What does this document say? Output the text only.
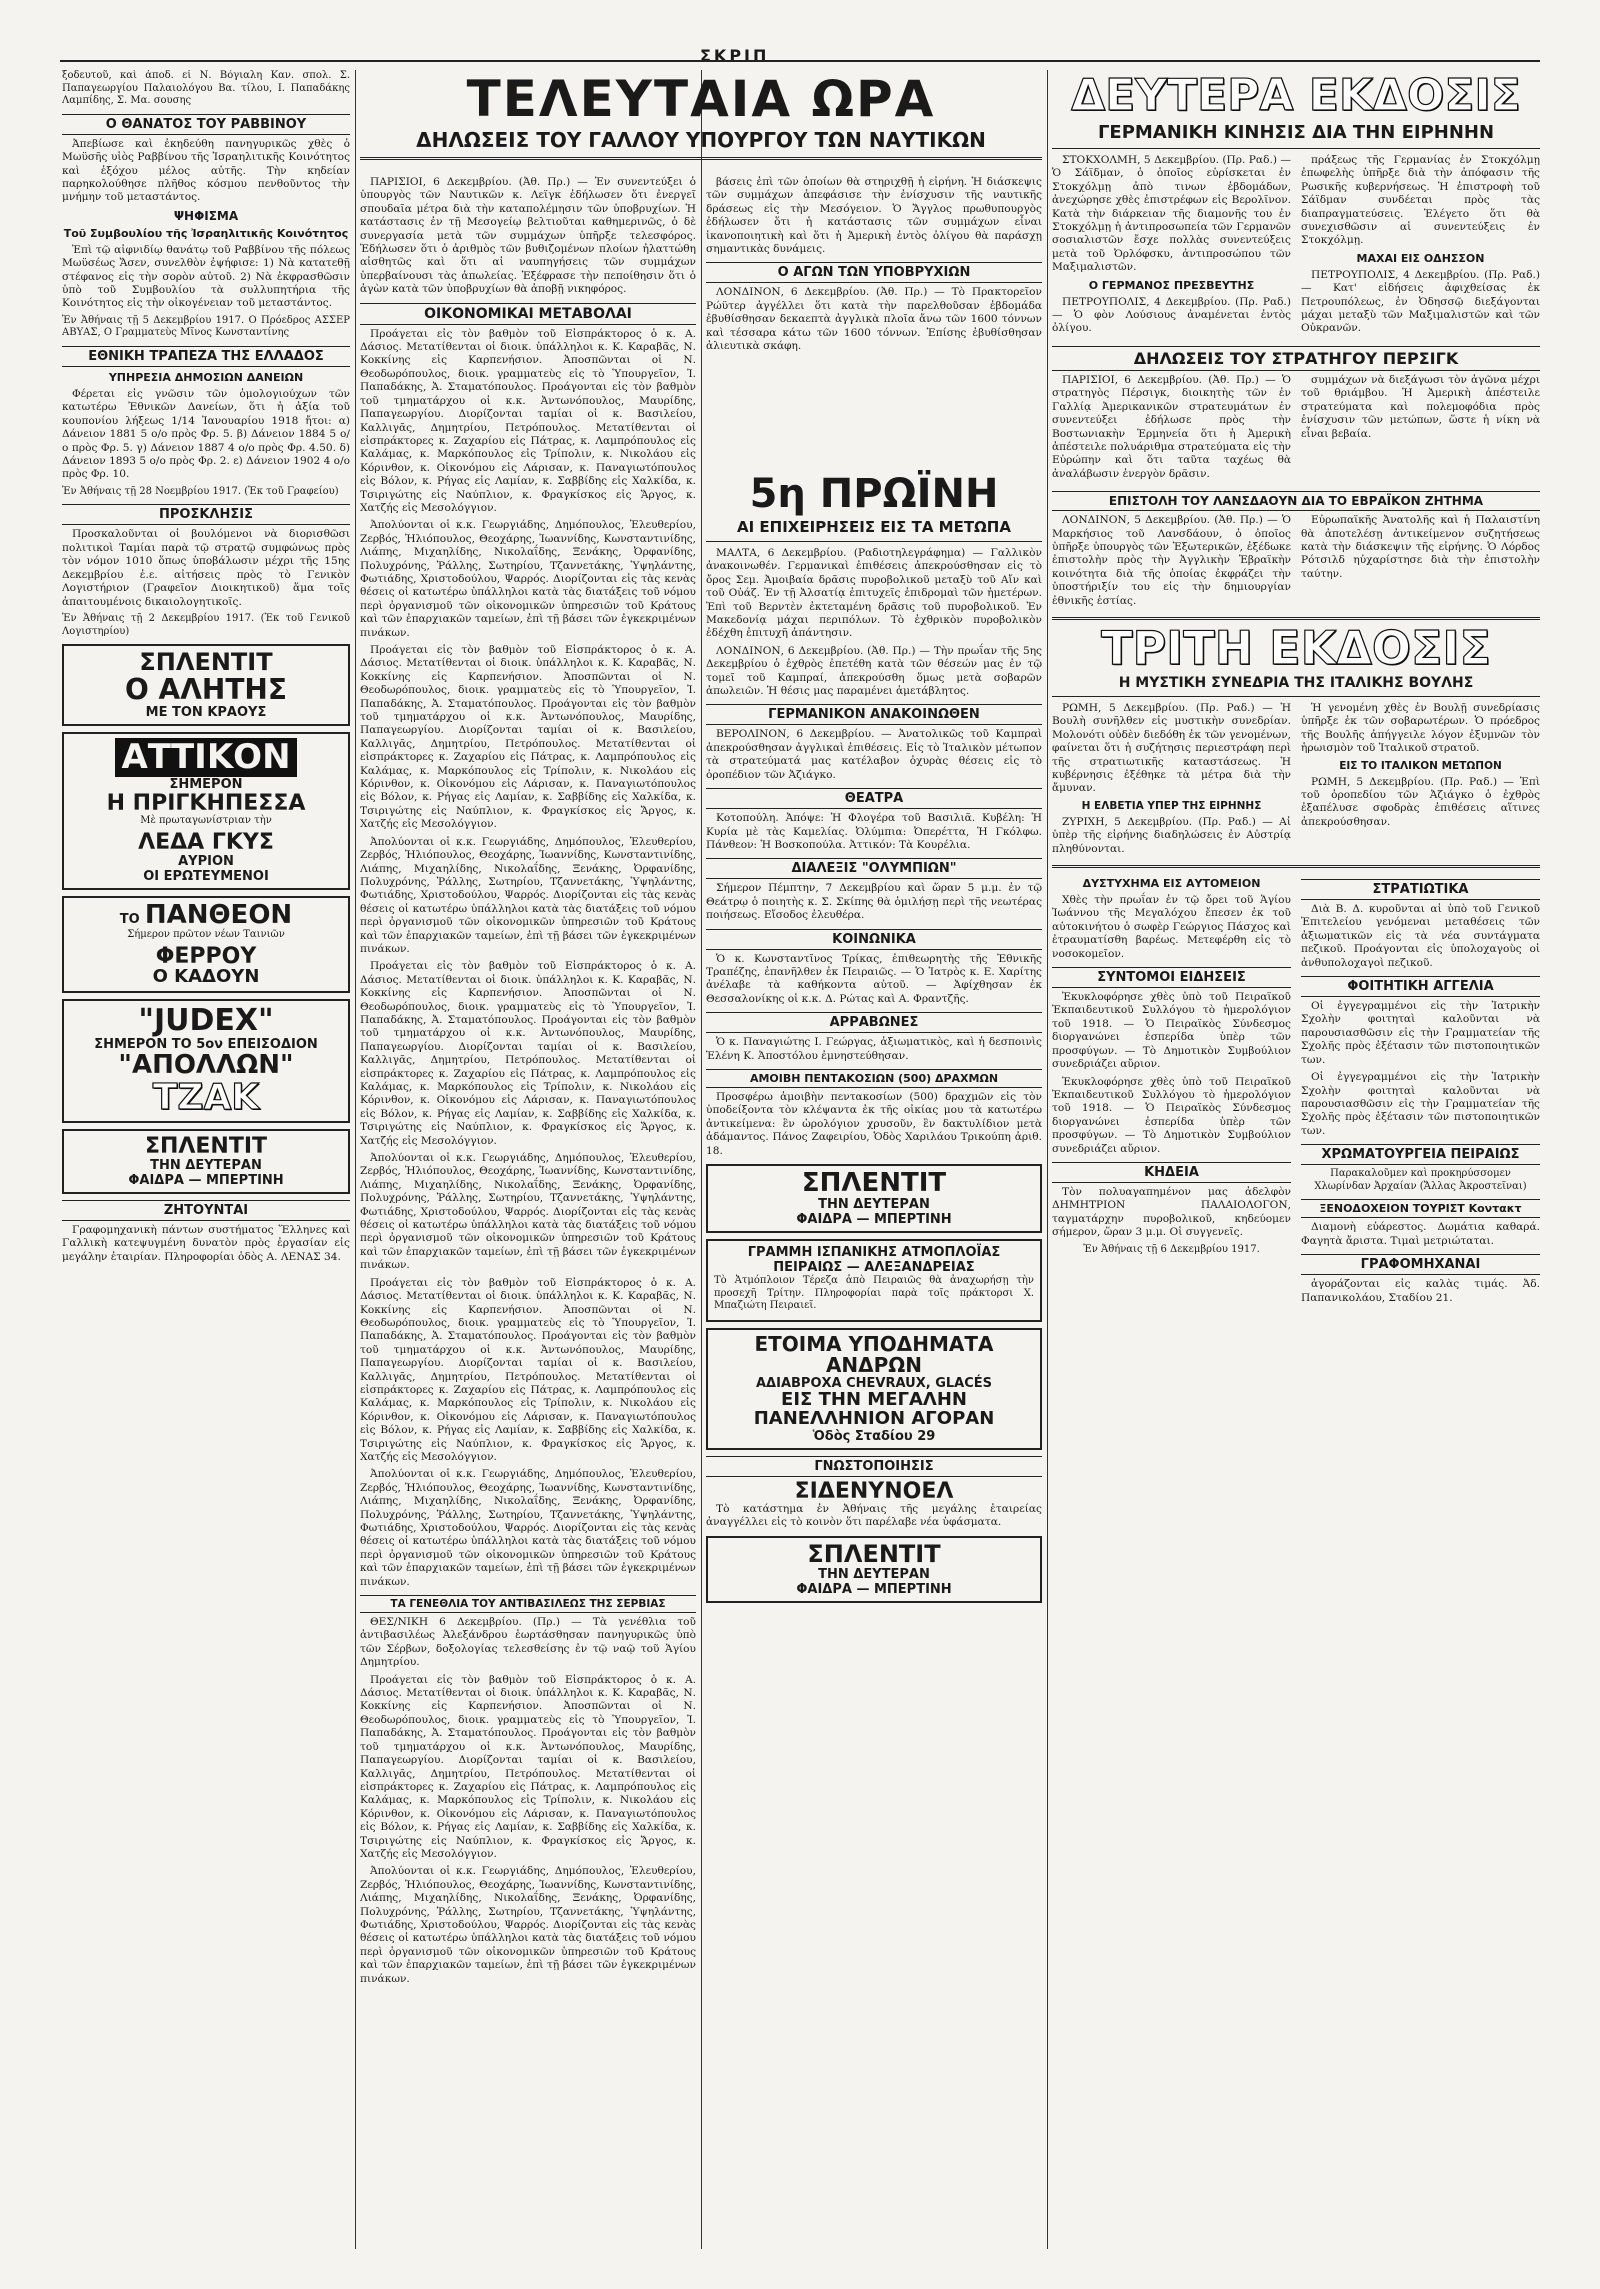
ΣΚΡΙΠ

ξοδευτοῦ, καὶ ἀποδ. εἰ Ν. Βόγιαλη Καν. σπολ. Σ. Παπαγεωργίου Παλαιολόγου Βα. τίλου, Ι. Παπαδάκης Λαμπίδης, Σ. Μα. σουσης

Ο ΘΑΝΑΤΟΣ ΤΟΥ ΡΑΒΒΙΝΟΥ

Ἀπεβίωσε καὶ ἐκηδεύθη πανηγυρικῶς χθὲς ὁ Μωϋσῆς υἱὸς Ραββίνου τῆς Ἰσραηλιτικῆς Κοινότητος καὶ ἐξόχου μέλος αὐτῆς. Τὴν κηδείαν παρηκολούθησε πλῆθος κόσμου πενθοῦντος τὴν μνήμην τοῦ μεταστάντος.

ΨΗΦΙΣΜΑ
Τοῦ Συμβουλίου τῆς Ἰσραηλιτικῆς Κοινότητος

Ἐπὶ τῷ αἰφνιδίῳ θανάτῳ τοῦ Ραββίνου τῆς πόλεως Μωϋσέως Ἄσεν, συνελθὸν ἐψήφισε: 1) Νὰ κατατεθῇ στέφανος εἰς τὴν σορὸν αὐτοῦ. 2) Νὰ ἐκφρασθῶσιν ὑπὸ τοῦ Συμβουλίου τὰ συλλυπητήρια τῆς Κοινότητος εἰς τὴν οἰκογένειαν τοῦ μεταστάντος.

Ἐν Ἀθήναις τῇ 5 Δεκεμβρίου 1917. Ο Πρόεδρος ΑΣΣΕΡ ΑΒΥΑΣ, Ο Γραμματεὺς Μῖνος Κωνσταντίνης

ΕΘΝΙΚΗ ΤΡΑΠΕΖΑ ΤΗΣ ΕΛΛΑΔΟΣ
ΥΠΗΡΕΣΙΑ ΔΗΜΟΣΙΩΝ ΔΑΝΕΙΩΝ

Φέρεται εἰς γνῶσιν τῶν ὁμολογιούχων τῶν κατωτέρω Ἐθνικῶν Δανείων, ὅτι ἡ ἀξία τοῦ κουπονίου λήξεως 1/14 Ἰανουαρίου 1918 ἤτοι: α) Δάνειον 1881 5 ο/ο πρὸς Φρ. 5. β) Δάνειον 1884 5 ο/ο πρὸς Φρ. 5. γ) Δάνειον 1887 4 ο/ο πρὸς Φρ. 4.50. δ) Δάνειον 1893 5 ο/ο πρὸς Φρ. 2. ε) Δάνειον 1902 4 ο/ο πρὸς Φρ. 10.

Ἐν Ἀθήναις τῇ 28 Νοεμβρίου 1917. (Ἐκ τοῦ Γραφείου)

ΠΡΟΣΚΛΗΣΙΣ

Προσκαλοῦνται οἱ βουλόμενοι νὰ διορισθῶσι πολιτικοὶ Ταμίαι παρὰ τῷ στρατῷ συμφώνως πρὸς τὸν νόμον 1010 ὅπως ὑποβάλωσιν μέχρι τῆς 15ης Δεκεμβρίου ἐ.ε. αἰτήσεις πρὸς τὸ Γενικὸν Λογιστήριον (Γραφεῖον Διοικητικοῦ) ἅμα τοῖς ἀπαιτουμένοις δικαιολογητικοῖς.

Ἐν Ἀθήναις τῇ 2 Δεκεμβρίου 1917. (Ἐκ τοῦ Γενικοῦ Λογιστηρίου)

ΣΠΛΕΝΤΙΤ
Ο ΑΛΗΤΗΣ
ΜΕ ΤΟΝ ΚΡΑΟΥΣ
ΑΤΤΙΚΟΝ
ΣΗΜΕΡΟΝ
Η ΠΡΙΓΚΗΠΕΣΣΑ
Μὲ πρωταγωνίστριαν τὴν
ΛΕΔΑ ΓΚΥΣ
ΑΥΡΙΟΝ
ΟΙ ΕΡΩΤΕΥΜΕΝΟΙ
ΤΟ ΠΑΝΘΕΟΝ
Σήμερον πρῶτον νέων Ταινιῶν
ΦΕΡΡΟΥ
Ο ΚΑΔΟΥΝ
"JUDEX"
ΣΗΜΕΡΟΝ ΤΟ 5ον ΕΠΕΙΣΟΔΙΟΝ
"ΑΠΟΛΛΩΝ"
ΤΖΑΚ
ΣΠΛΕΝΤΙΤ
ΤΗΝ ΔΕΥΤΕΡΑΝ
ΦΑΙΔΡΑ — ΜΠΕΡΤΙΝΗ
ΖΗΤΟΥΝΤΑΙ

Γραφομηχανικὴ πάντων συστήματος Ἕλληνες καὶ Γαλλικὴ κατεψυγμένη δυνατὸν πρὸς ἐργασίαν εἰς μεγάλην ἐταιρίαν. Πληροφορίαι ὁδὸς Α. ΛΕΝΑΣ 34.

ΤΕΛΕΥΤΑΙΑ ΩΡΑ
ΔΗΛΩΣΕΙΣ ΤΟΥ ΓΑΛΛΟΥ ΥΠΟΥΡΓΟΥ ΤΩΝ ΝΑΥΤΙΚΩΝ

ΠΑΡΙΣΙΟΙ, 6 Δεκεμβρίου. (Ἀθ. Πρ.) — Ἐν συνεντεύξει ὁ ὑπουργὸς τῶν Ναυτικῶν κ. Λεϊγκ ἐδήλωσεν ὅτι ἐνεργεῖ σπουδαῖα μέτρα διὰ τὴν καταπολέμησιν τῶν ὑποβρυχίων. Ἡ κατάστασις ἐν τῇ Μεσογείῳ βελτιοῦται καθημερινῶς, ὁ δὲ συνεργασία μετὰ τῶν συμμάχων ὑπῆρξε τελεσφόρος. Ἐδήλωσεν ὅτι ὁ ἀριθμὸς τῶν βυθιζομένων πλοίων ἠλαττώθη αἰσθητῶς καὶ ὅτι αἱ ναυπηγήσεις τῶν συμμάχων ὑπερβαίνουσι τὰς ἀπωλείας. Ἐξέφρασε τὴν πεποίθησιν ὅτι ὁ ἀγὼν κατὰ τῶν ὑποβρυχίων θὰ ἀποβῇ νικηφόρος.

ΟΙΚΟΝΟΜΙΚΑΙ ΜΕΤΑΒΟΛΑΙ

Προάγεται εἰς τὸν βαθμὸν τοῦ Εἰσπράκτορος ὁ κ. Α. Δάσιος. Μετατίθενται οἱ διοικ. ὑπάλληλοι κ. Κ. Καραβᾶς, Ν. Κοκκίνης εἰς Καρπενήσιον. Ἀποσπῶνται οἱ Ν. Θεοδωρόπουλος, διοικ. γραμματεὺς εἰς τὸ Ὑπουργεῖον, Ἰ. Παπαδάκης, Ἀ. Σταματόπουλος. Προάγονται εἰς τὸν βαθμὸν τοῦ τμηματάρχου οἱ κ.κ. Ἀντωνόπουλος, Μαυρίδης, Παπαγεωργίου. Διορίζονται ταμίαι οἱ κ. Βασιλείου, Καλλιγᾶς, Δημητρίου, Πετρόπουλος. Μετατίθενται οἱ εἰσπράκτορες κ. Ζαχαρίου εἰς Πάτρας, κ. Λαμπρόπουλος εἰς Καλάμας, κ. Μαρκόπουλος εἰς Τρίπολιν, κ. Νικολάου εἰς Κόρινθον, κ. Οἰκονόμου εἰς Λάρισαν, κ. Παναγιωτόπουλος εἰς Βόλον, κ. Ρήγας εἰς Λαμίαν, κ. Σαββίδης εἰς Χαλκίδα, κ. Τσιριγώτης εἰς Ναύπλιον, κ. Φραγκίσκος εἰς Ἄργος, κ. Χατζής εἰς Μεσολόγγιον.

Ἀπολύονται οἱ κ.κ. Γεωργιάδης, Δημόπουλος, Ἐλευθερίου, Ζερβός, Ἠλιόπουλος, Θεοχάρης, Ἰωαννίδης, Κωνσταντινίδης, Λιάπης, Μιχαηλίδης, Νικολαΐδης, Ξενάκης, Ὀρφανίδης, Πολυχρόνης, Ῥάλλης, Σωτηρίου, Τζαννετάκης, Ὑψηλάντης, Φωτιάδης, Χριστοδούλου, Ψαρρός. Διορίζονται εἰς τὰς κενὰς θέσεις οἱ κατωτέρω ὑπάλληλοι κατὰ τὰς διατάξεις τοῦ νόμου περὶ ὀργανισμοῦ τῶν οἰκονομικῶν ὑπηρεσιῶν τοῦ Κράτους καὶ τῶν ἐπαρχιακῶν ταμείων, ἐπὶ τῇ βάσει τῶν ἐγκεκριμένων πινάκων.

Προάγεται εἰς τὸν βαθμὸν τοῦ Εἰσπράκτορος ὁ κ. Α. Δάσιος. Μετατίθενται οἱ διοικ. ὑπάλληλοι κ. Κ. Καραβᾶς, Ν. Κοκκίνης εἰς Καρπενήσιον. Ἀποσπῶνται οἱ Ν. Θεοδωρόπουλος, διοικ. γραμματεὺς εἰς τὸ Ὑπουργεῖον, Ἰ. Παπαδάκης, Ἀ. Σταματόπουλος. Προάγονται εἰς τὸν βαθμὸν τοῦ τμηματάρχου οἱ κ.κ. Ἀντωνόπουλος, Μαυρίδης, Παπαγεωργίου. Διορίζονται ταμίαι οἱ κ. Βασιλείου, Καλλιγᾶς, Δημητρίου, Πετρόπουλος. Μετατίθενται οἱ εἰσπράκτορες κ. Ζαχαρίου εἰς Πάτρας, κ. Λαμπρόπουλος εἰς Καλάμας, κ. Μαρκόπουλος εἰς Τρίπολιν, κ. Νικολάου εἰς Κόρινθον, κ. Οἰκονόμου εἰς Λάρισαν, κ. Παναγιωτόπουλος εἰς Βόλον, κ. Ρήγας εἰς Λαμίαν, κ. Σαββίδης εἰς Χαλκίδα, κ. Τσιριγώτης εἰς Ναύπλιον, κ. Φραγκίσκος εἰς Ἄργος, κ. Χατζής εἰς Μεσολόγγιον.

Ἀπολύονται οἱ κ.κ. Γεωργιάδης, Δημόπουλος, Ἐλευθερίου, Ζερβός, Ἠλιόπουλος, Θεοχάρης, Ἰωαννίδης, Κωνσταντινίδης, Λιάπης, Μιχαηλίδης, Νικολαΐδης, Ξενάκης, Ὀρφανίδης, Πολυχρόνης, Ῥάλλης, Σωτηρίου, Τζαννετάκης, Ὑψηλάντης, Φωτιάδης, Χριστοδούλου, Ψαρρός. Διορίζονται εἰς τὰς κενὰς θέσεις οἱ κατωτέρω ὑπάλληλοι κατὰ τὰς διατάξεις τοῦ νόμου περὶ ὀργανισμοῦ τῶν οἰκονομικῶν ὑπηρεσιῶν τοῦ Κράτους καὶ τῶν ἐπαρχιακῶν ταμείων, ἐπὶ τῇ βάσει τῶν ἐγκεκριμένων πινάκων.

Προάγεται εἰς τὸν βαθμὸν τοῦ Εἰσπράκτορος ὁ κ. Α. Δάσιος. Μετατίθενται οἱ διοικ. ὑπάλληλοι κ. Κ. Καραβᾶς, Ν. Κοκκίνης εἰς Καρπενήσιον. Ἀποσπῶνται οἱ Ν. Θεοδωρόπουλος, διοικ. γραμματεὺς εἰς τὸ Ὑπουργεῖον, Ἰ. Παπαδάκης, Ἀ. Σταματόπουλος. Προάγονται εἰς τὸν βαθμὸν τοῦ τμηματάρχου οἱ κ.κ. Ἀντωνόπουλος, Μαυρίδης, Παπαγεωργίου. Διορίζονται ταμίαι οἱ κ. Βασιλείου, Καλλιγᾶς, Δημητρίου, Πετρόπουλος. Μετατίθενται οἱ εἰσπράκτορες κ. Ζαχαρίου εἰς Πάτρας, κ. Λαμπρόπουλος εἰς Καλάμας, κ. Μαρκόπουλος εἰς Τρίπολιν, κ. Νικολάου εἰς Κόρινθον, κ. Οἰκονόμου εἰς Λάρισαν, κ. Παναγιωτόπουλος εἰς Βόλον, κ. Ρήγας εἰς Λαμίαν, κ. Σαββίδης εἰς Χαλκίδα, κ. Τσιριγώτης εἰς Ναύπλιον, κ. Φραγκίσκος εἰς Ἄργος, κ. Χατζής εἰς Μεσολόγγιον.

Ἀπολύονται οἱ κ.κ. Γεωργιάδης, Δημόπουλος, Ἐλευθερίου, Ζερβός, Ἠλιόπουλος, Θεοχάρης, Ἰωαννίδης, Κωνσταντινίδης, Λιάπης, Μιχαηλίδης, Νικολαΐδης, Ξενάκης, Ὀρφανίδης, Πολυχρόνης, Ῥάλλης, Σωτηρίου, Τζαννετάκης, Ὑψηλάντης, Φωτιάδης, Χριστοδούλου, Ψαρρός. Διορίζονται εἰς τὰς κενὰς θέσεις οἱ κατωτέρω ὑπάλληλοι κατὰ τὰς διατάξεις τοῦ νόμου περὶ ὀργανισμοῦ τῶν οἰκονομικῶν ὑπηρεσιῶν τοῦ Κράτους καὶ τῶν ἐπαρχιακῶν ταμείων, ἐπὶ τῇ βάσει τῶν ἐγκεκριμένων πινάκων.

Προάγεται εἰς τὸν βαθμὸν τοῦ Εἰσπράκτορος ὁ κ. Α. Δάσιος. Μετατίθενται οἱ διοικ. ὑπάλληλοι κ. Κ. Καραβᾶς, Ν. Κοκκίνης εἰς Καρπενήσιον. Ἀποσπῶνται οἱ Ν. Θεοδωρόπουλος, διοικ. γραμματεὺς εἰς τὸ Ὑπουργεῖον, Ἰ. Παπαδάκης, Ἀ. Σταματόπουλος. Προάγονται εἰς τὸν βαθμὸν τοῦ τμηματάρχου οἱ κ.κ. Ἀντωνόπουλος, Μαυρίδης, Παπαγεωργίου. Διορίζονται ταμίαι οἱ κ. Βασιλείου, Καλλιγᾶς, Δημητρίου, Πετρόπουλος. Μετατίθενται οἱ εἰσπράκτορες κ. Ζαχαρίου εἰς Πάτρας, κ. Λαμπρόπουλος εἰς Καλάμας, κ. Μαρκόπουλος εἰς Τρίπολιν, κ. Νικολάου εἰς Κόρινθον, κ. Οἰκονόμου εἰς Λάρισαν, κ. Παναγιωτόπουλος εἰς Βόλον, κ. Ρήγας εἰς Λαμίαν, κ. Σαββίδης εἰς Χαλκίδα, κ. Τσιριγώτης εἰς Ναύπλιον, κ. Φραγκίσκος εἰς Ἄργος, κ. Χατζής εἰς Μεσολόγγιον.

Ἀπολύονται οἱ κ.κ. Γεωργιάδης, Δημόπουλος, Ἐλευθερίου, Ζερβός, Ἠλιόπουλος, Θεοχάρης, Ἰωαννίδης, Κωνσταντινίδης, Λιάπης, Μιχαηλίδης, Νικολαΐδης, Ξενάκης, Ὀρφανίδης, Πολυχρόνης, Ῥάλλης, Σωτηρίου, Τζαννετάκης, Ὑψηλάντης, Φωτιάδης, Χριστοδούλου, Ψαρρός. Διορίζονται εἰς τὰς κενὰς θέσεις οἱ κατωτέρω ὑπάλληλοι κατὰ τὰς διατάξεις τοῦ νόμου περὶ ὀργανισμοῦ τῶν οἰκονομικῶν ὑπηρεσιῶν τοῦ Κράτους καὶ τῶν ἐπαρχιακῶν ταμείων, ἐπὶ τῇ βάσει τῶν ἐγκεκριμένων πινάκων.

ΤΑ ΓΕΝΕΘΛΙΑ ΤΟΥ ΑΝΤΙΒΑΣΙΛΕΩΣ ΤΗΣ ΣΕΡΒΙΑΣ

ΘΕΣ/ΝΙΚΗ 6 Δεκεμβρίου. (Πρ.) — Τὰ γενέθλια τοῦ ἀντιβασιλέως Ἀλεξάνδρου ἑωρτάσθησαν πανηγυρικῶς ὑπὸ τῶν Σέρβων, δοξολογίας τελεσθείσης ἐν τῷ ναῷ τοῦ Ἁγίου Δημητρίου.

Προάγεται εἰς τὸν βαθμὸν τοῦ Εἰσπράκτορος ὁ κ. Α. Δάσιος. Μετατίθενται οἱ διοικ. ὑπάλληλοι κ. Κ. Καραβᾶς, Ν. Κοκκίνης εἰς Καρπενήσιον. Ἀποσπῶνται οἱ Ν. Θεοδωρόπουλος, διοικ. γραμματεὺς εἰς τὸ Ὑπουργεῖον, Ἰ. Παπαδάκης, Ἀ. Σταματόπουλος. Προάγονται εἰς τὸν βαθμὸν τοῦ τμηματάρχου οἱ κ.κ. Ἀντωνόπουλος, Μαυρίδης, Παπαγεωργίου. Διορίζονται ταμίαι οἱ κ. Βασιλείου, Καλλιγᾶς, Δημητρίου, Πετρόπουλος. Μετατίθενται οἱ εἰσπράκτορες κ. Ζαχαρίου εἰς Πάτρας, κ. Λαμπρόπουλος εἰς Καλάμας, κ. Μαρκόπουλος εἰς Τρίπολιν, κ. Νικολάου εἰς Κόρινθον, κ. Οἰκονόμου εἰς Λάρισαν, κ. Παναγιωτόπουλος εἰς Βόλον, κ. Ρήγας εἰς Λαμίαν, κ. Σαββίδης εἰς Χαλκίδα, κ. Τσιριγώτης εἰς Ναύπλιον, κ. Φραγκίσκος εἰς Ἄργος, κ. Χατζής εἰς Μεσολόγγιον.

Ἀπολύονται οἱ κ.κ. Γεωργιάδης, Δημόπουλος, Ἐλευθερίου, Ζερβός, Ἠλιόπουλος, Θεοχάρης, Ἰωαννίδης, Κωνσταντινίδης, Λιάπης, Μιχαηλίδης, Νικολαΐδης, Ξενάκης, Ὀρφανίδης, Πολυχρόνης, Ῥάλλης, Σωτηρίου, Τζαννετάκης, Ὑψηλάντης, Φωτιάδης, Χριστοδούλου, Ψαρρός. Διορίζονται εἰς τὰς κενὰς θέσεις οἱ κατωτέρω ὑπάλληλοι κατὰ τὰς διατάξεις τοῦ νόμου περὶ ὀργανισμοῦ τῶν οἰκονομικῶν ὑπηρεσιῶν τοῦ Κράτους καὶ τῶν ἐπαρχιακῶν ταμείων, ἐπὶ τῇ βάσει τῶν ἐγκεκριμένων πινάκων.

βάσεις ἐπὶ τῶν ὁποίων θὰ στηριχθῇ ἡ εἰρήνη. Ἡ διάσκεψις τῶν συμμάχων ἀπεφάσισε τὴν ἐνίσχυσιν τῆς ναυτικῆς δράσεως εἰς τὴν Μεσόγειον. Ὁ Ἄγγλος πρωθυπουργὸς ἐδήλωσεν ὅτι ἡ κατάστασις τῶν συμμάχων εἶναι ἱκανοποιητικὴ καὶ ὅτι ἡ Ἀμερικὴ ἐντὸς ὀλίγου θὰ παράσχῃ σημαντικὰς δυνάμεις.

Ο ΑΓΩΝ ΤΩΝ ΥΠΟΒΡΥΧΙΩΝ

ΛΟΝΔΙΝΟΝ, 6 Δεκεμβρίου. (Ἀθ. Πρ.) — Τὸ Πρακτορεῖον Ρώϋτερ ἀγγέλλει ὅτι κατὰ τὴν παρελθοῦσαν ἑβδομάδα ἐβυθίσθησαν δεκαεπτὰ ἀγγλικὰ πλοῖα ἄνω τῶν 1600 τόννων καὶ τέσσαρα κάτω τῶν 1600 τόννων. Ἐπίσης ἐβυθίσθησαν ἁλιευτικὰ σκάφη.

5η ΠΡΩΪΝΗ
ΑΙ ΕΠΙΧΕΙΡΗΣΕΙΣ ΕΙΣ ΤΑ ΜΕΤΩΠΑ

ΜΑΛΤΑ, 6 Δεκεμβρίου. (Ραδιοτηλεγράφημα) — Γαλλικὸν ἀνακοινωθέν. Γερμανικαὶ ἐπιθέσεις ἀπεκρούσθησαν εἰς τὸ ὄρος Σεμ. Ἀμοιβαία δρᾶσις πυροβολικοῦ μεταξὺ τοῦ Αἴν καὶ τοῦ Οὐάζ. Ἐν τῇ Ἀλσατίᾳ ἐπιτυχεῖς ἐπιδρομαὶ τῶν ἡμετέρων. Ἐπὶ τοῦ Βερντὲν ἐκτεταμένη δρᾶσις τοῦ πυροβολικοῦ. Ἐν Μακεδονίᾳ μάχαι περιπόλων. Τὸ ἐχθρικὸν πυροβολικὸν ἐδέχθη ἐπιτυχῆ ἀπάντησιν.

ΛΟΝΔΙΝΟΝ, 6 Δεκεμβρίου. (Ἀθ. Πρ.) — Τὴν πρωΐαν τῆς 5ης Δεκεμβρίου ὁ ἐχθρὸς ἐπετέθη κατὰ τῶν θέσεών μας ἐν τῷ τομεῖ τοῦ Καμπραί, ἀπεκρούσθη ὅμως μετὰ σοβαρῶν ἀπωλειῶν. Ἡ θέσις μας παραμένει ἀμετάβλητος.

ΓΕΡΜΑΝΙΚΟΝ ΑΝΑΚΟΙΝΩΘΕΝ

ΒΕΡΟΛΙΝΟΝ, 6 Δεκεμβρίου. — Ἀνατολικῶς τοῦ Καμπραὶ ἀπεκρούσθησαν ἀγγλικαὶ ἐπιθέσεις. Εἰς τὸ Ἰταλικὸν μέτωπον τὰ στρατεύματά μας κατέλαβον ὀχυρὰς θέσεις εἰς τὸ ὀροπέδιον τῶν Ἀζιάγκο.

ΘΕΑΤΡΑ

Κοτοπούλη. Ἀπόψε: Ἡ Φλογέρα τοῦ Βασιλιᾶ. Κυβέλη: Ἡ Κυρία μὲ τὰς Καμελίας. Ὀλύμπια: Ὀπερέττα, Ἡ Γκόλφω. Πάνθεον: Ἡ Βοσκοπούλα. Ἀττικόν: Τὰ Κουρέλια.

ΔΙΑΛΕΞΙΣ "ΟΛΥΜΠΙΩΝ"

Σήμερον Πέμπτην, 7 Δεκεμβρίου καὶ ὥραν 5 μ.μ. ἐν τῷ Θεάτρῳ ὁ ποιητὴς κ. Σ. Σκίπης θὰ ὁμιλήσῃ περὶ τῆς νεωτέρας ποιήσεως. Εἴσοδος ἐλευθέρα.

ΚΟΙΝΩΝΙΚΑ

Ὁ κ. Κωνσταντῖνος Τρίκας, ἐπιθεωρητὴς τῆς Ἐθνικῆς Τραπέζης, ἐπανῆλθεν ἐκ Πειραιῶς. — Ὁ Ἰατρὸς κ. Ε. Χαρίτης ἀνέλαβε τὰ καθήκοντα αὐτοῦ. — Ἀφίχθησαν ἐκ Θεσσαλονίκης οἱ κ.κ. Δ. Ρώτας καὶ Α. Φραντζῆς.

ΑΡΡΑΒΩΝΕΣ

Ὁ κ. Παναγιώτης Ι. Γεώργας, ἀξιωματικὸς, καὶ ἡ δεσποινὶς Ἑλένη Κ. Ἀποστόλου ἐμνηστεύθησαν.

ΑΜΟΙΒΗ ΠΕΝΤΑΚΟΣΙΩΝ (500) ΔΡΑΧΜΩΝ

Προσφέρω ἀμοιβὴν πεντακοσίων (500) δραχμῶν εἰς τὸν ὑποδείξοντα τὸν κλέψαντα ἐκ τῆς οἰκίας μου τὰ κατωτέρω ἀντικείμενα: ἓν ὡρολόγιον χρυσοῦν, ἓν δακτυλίδιον μετὰ ἀδάμαντος. Πάνος Ζαφειρίου, Ὁδὸς Χαριλάου Τρικούπη ἀριθ. 18.

ΣΠΛΕΝΤΙΤ
ΤΗΝ ΔΕΥΤΕΡΑΝ
ΦΑΙΔΡΑ — ΜΠΕΡΤΙΝΗ
ΓΡΑΜΜΗ ΙΣΠΑΝΙΚΗΣ ΑΤΜΟΠΛΟΪΑΣ
ΠΕΙΡΑΙΩΣ — ΑΛΕΞΑΝΔΡΕΙΑΣ

Τὸ Ἀτμόπλοιον Τέρεζα ἀπὸ Πειραιῶς θὰ ἀναχωρήσῃ τὴν προσεχῆ Τρίτην. Πληροφορίαι παρὰ τοῖς πράκτορσι Χ. Μπαζιώτη Πειραιεῖ.

ΕΤΟΙΜΑ ΥΠΟΔΗΜΑΤΑ ΑΝΔΡΩΝ
ΑΔΙΑΒΡΟΧΑ CHEVRAUX, GLACÉS
ΕΙΣ ΤΗΝ ΜΕΓΑΛΗΝ ΠΑΝΕΛΛΗΝΙΟΝ ΑΓΟΡΑΝ
Ὁδὸς Σταδίου 29
ΓΝΩΣΤΟΠΟΙΗΣΙΣ
ΣΙΔΕΝΥΝΟΕΛ

Τὸ κατάστημα ἐν Ἀθήναις τῆς μεγάλης ἑταιρείας ἀναγγέλλει εἰς τὸ κοινὸν ὅτι παρέλαβε νέα ὑφάσματα.

ΣΠΛΕΝΤΙΤ
ΤΗΝ ΔΕΥΤΕΡΑΝ
ΦΑΙΔΡΑ — ΜΠΕΡΤΙΝΗ
ΔΕΥΤΕΡΑ ΕΚΔΟΣΙΣ
ΓΕΡΜΑΝΙΚΗ ΚΙΝΗΣΙΣ ΔΙΑ ΤΗΝ ΕΙΡΗΝΗΝ

ΣΤΟΚΧΟΛΜΗ, 5 Δεκεμβρίου. (Πρ. Ραδ.) — Ὁ Σάϊδμαν, ὁ ὁποῖος εὑρίσκεται ἐν Στοκχόλμῃ ἀπὸ τινων ἑβδομάδων, ἀνεχώρησε χθὲς ἐπιστρέφων εἰς Βερολῖνον. Κατὰ τὴν διάρκειαν τῆς διαμονῆς του ἐν Στοκχόλμῃ ἡ ἀντιπροσωπεία τῶν Γερμανῶν σοσιαλιστῶν ἔσχε πολλὰς συνεντεύξεις μετὰ τοῦ Ὀρλόφσκυ, ἀντιπροσώπου τῶν Μαξιμαλιστῶν.

Ο ΓΕΡΜΑΝΟΣ ΠΡΕΣΒΕΥΤΗΣ

ΠΕΤΡΟΥΠΟΛΙΣ, 4 Δεκεμβρίου. (Πρ. Ραδ.) — Ὁ φὸν Λούσιους ἀναμένεται ἐντὸς ὀλίγου.

πράξεως τῆς Γερμανίας ἐν Στοκχόλμῃ ἐπωφελὴς ὑπῆρξε διὰ τὴν ἀπόφασιν τῆς Ρωσικῆς κυβερνήσεως. Ἡ ἐπιστροφὴ τοῦ Σάϊδμαν συνδέεται πρὸς τὰς διαπραγματεύσεις. Ἐλέγετο ὅτι θὰ συνεχισθῶσιν αἱ συνεντεύξεις ἐν Στοκχόλμῃ.

ΜΑΧΑΙ ΕΙΣ ΟΔΗΣΣΟΝ

ΠΕΤΡΟΥΠΟΛΙΣ, 4 Δεκεμβρίου. (Πρ. Ραδ.) — Κατ' εἰδήσεις ἀφιχθείσας ἐκ Πετρουπόλεως, ἐν Ὀδησσῷ διεξάγονται μάχαι μεταξὺ τῶν Μαξιμαλιστῶν καὶ τῶν Οὐκρανῶν.

ΔΗΛΩΣΕΙΣ ΤΟΥ ΣΤΡΑΤΗΓΟΥ ΠΕΡΣΙΓΚ

ΠΑΡΙΣΙΟΙ, 6 Δεκεμβρίου. (Ἀθ. Πρ.) — Ὁ στρατηγὸς Πέρσιγκ, διοικητὴς τῶν ἐν Γαλλίᾳ Ἀμερικανικῶν στρατευμάτων ἐν συνεντεύξει ἐδήλωσε πρὸς τὴν Βοστωνιακὴν Ἑρμηνεία ὅτι ἡ Ἀμερικὴ ἀπέστειλε πολυάριθμα στρατεύματα εἰς τὴν Εὐρώπην καὶ ὅτι ταῦτα ταχέως θὰ ἀναλάβωσιν ἐνεργὸν δρᾶσιν.

συμμάχων νὰ διεξάγωσι τὸν ἀγῶνα μέχρι τοῦ θριάμβου. Ἡ Ἀμερικὴ ἀπέστειλε στρατεύματα καὶ πολεμοφόδια πρὸς ἐνίσχυσιν τῶν μετώπων, ὥστε ἡ νίκη νὰ εἶναι βεβαία.

ΕΠΙΣΤΟΛΗ ΤΟΥ ΛΑΝΣΔΑΟΥΝ ΔΙΑ ΤΟ ΕΒΡΑΪΚΟΝ ΖΗΤΗΜΑ

ΛΟΝΔΙΝΟΝ, 5 Δεκεμβρίου. (Ἀθ. Πρ.) — Ὁ Μαρκήσιος τοῦ Λανσδάουν, ὁ ὁποῖος ὑπῆρξε ὑπουργὸς τῶν Ἐξωτερικῶν, ἐξέδωκε ἐπιστολὴν πρὸς τὴν Ἀγγλικὴν Ἑβραϊκὴν κοινότητα διὰ τῆς ὁποίας ἐκφράζει τὴν ὑποστήριξίν του εἰς τὴν δημιουργίαν ἐθνικῆς ἑστίας.

Εὐρωπαϊκῆς Ἀνατολῆς καὶ ἡ Παλαιστίνη θὰ ἀποτελέσῃ ἀντικείμενον συζητήσεως κατὰ τὴν διάσκεψιν τῆς εἰρήνης. Ὁ Λόρδος Ρότσιλδ ηὐχαρίστησε διὰ τὴν ἐπιστολὴν ταύτην.

ΤΡΙΤΗ ΕΚΔΟΣΙΣ
Η ΜΥΣΤΙΚΗ ΣΥΝΕΔΡΙΑ ΤΗΣ ΙΤΑΛΙΚΗΣ ΒΟΥΛΗΣ

ΡΩΜΗ, 5 Δεκεμβρίου. (Πρ. Ραδ.) — Ἡ Βουλὴ συνῆλθεν εἰς μυστικὴν συνεδρίαν. Μολονότι οὐδὲν διεδόθη ἐκ τῶν γενομένων, φαίνεται ὅτι ἡ συζήτησις περιεστράφη περὶ τῆς στρατιωτικῆς καταστάσεως. Ἡ κυβέρνησις ἐξέθηκε τὰ μέτρα διὰ τὴν ἄμυναν.

Η ΕΛΒΕΤΙΑ ΥΠΕΡ ΤΗΣ ΕΙΡΗΝΗΣ

ΖΥΡΙΧΗ, 5 Δεκεμβρίου. (Πρ. Ραδ.) — Αἱ ὑπὲρ τῆς εἰρήνης διαδηλώσεις ἐν Αὐστρίᾳ πληθύνονται.

Ἡ γενομένη χθὲς ἐν Βουλῇ συνεδρίασις ὑπῆρξε ἐκ τῶν σοβαρωτέρων. Ὁ πρόεδρος τῆς Βουλῆς ἀπήγγειλε λόγον ἐξυμνῶν τὸν ἡρωισμὸν τοῦ Ἰταλικοῦ στρατοῦ.

ΕΙΣ ΤΟ ΙΤΑΛΙΚΟΝ ΜΕΤΩΠΟΝ

ΡΩΜΗ, 5 Δεκεμβρίου. (Πρ. Ραδ.) — Ἐπὶ τοῦ ὀροπεδίου τῶν Ἀζιάγκο ὁ ἐχθρὸς ἐξαπέλυσε σφοδρὰς ἐπιθέσεις αἵτινες ἀπεκρούσθησαν.

ΔΥΣΤΥΧΗΜΑ ΕΙΣ ΑΥΤΟΜΕΙΟΝ

Χθὲς τὴν πρωΐαν ἐν τῷ ὄρει τοῦ Ἁγίου Ἰωάννου τῆς Μεγαλόχου ἔπεσεν ἐκ τοῦ αὐτοκινήτου ὁ σωφὲρ Γεώργιος Πάσχος καὶ ἐτραυματίσθη βαρέως. Μετεφέρθη εἰς τὸ νοσοκομεῖον.

ΣΥΝΤΟΜΟΙ ΕΙΔΗΣΕΙΣ

Ἐκυκλοφόρησε χθὲς ὑπὸ τοῦ Πειραϊκοῦ Ἐκπαιδευτικοῦ Συλλόγου τὸ ἡμερολόγιον τοῦ 1918. — Ὁ Πειραϊκὸς Σύνδεσμος διοργανώνει ἐσπερίδα ὑπὲρ τῶν προσφύγων. — Τὸ Δημοτικὸν Συμβούλιον συνεδριάζει αὔριον.

Ἐκυκλοφόρησε χθὲς ὑπὸ τοῦ Πειραϊκοῦ Ἐκπαιδευτικοῦ Συλλόγου τὸ ἡμερολόγιον τοῦ 1918. — Ὁ Πειραϊκὸς Σύνδεσμος διοργανώνει ἐσπερίδα ὑπὲρ τῶν προσφύγων. — Τὸ Δημοτικὸν Συμβούλιον συνεδριάζει αὔριον.

ΚΗΔΕΙΑ

Τὸν πολυαγαπημένον μας ἀδελφὸν ΔΗΜΗΤΡΙΟΝ ΠΑΛΑΙΟΛΟΓΟΝ, ταγματάρχην πυροβολικοῦ, κηδεύομεν σήμερον, ὥραν 3 μ.μ. Οἱ συγγενεῖς.

Ἐν Ἀθήναις τῇ 6 Δεκεμβρίου 1917.

ΣΤΡΑΤΙΩΤΙΚΑ

Διὰ Β. Δ. κυροῦνται αἱ ὑπὸ τοῦ Γενικοῦ Ἐπιτελείου γενόμεναι μεταθέσεις τῶν ἀξιωματικῶν εἰς τὰ νέα συντάγματα πεζικοῦ. Προάγονται εἰς ὑπολοχαγοὺς οἱ ἀνθυπολοχαγοὶ πεζικοῦ.

ΦΟΙΤΗΤΙΚΗ ΑΓΓΕΛΙΑ

Οἱ ἐγγεγραμμένοι εἰς τὴν Ἰατρικὴν Σχολὴν φοιτηταὶ καλοῦνται νὰ παρουσιασθῶσιν εἰς τὴν Γραμματείαν τῆς Σχολῆς πρὸς ἐξέτασιν τῶν πιστοποιητικῶν των.

Οἱ ἐγγεγραμμένοι εἰς τὴν Ἰατρικὴν Σχολὴν φοιτηταὶ καλοῦνται νὰ παρουσιασθῶσιν εἰς τὴν Γραμματείαν τῆς Σχολῆς πρὸς ἐξέτασιν τῶν πιστοποιητικῶν των.

ΧΡΩΜΑΤΟΥΡΓΕΙΑ ΠΕΙΡΑΙΩΣ

Παρακαλοῦμεν καὶ προκηρύσσομεν Χλωρίνδαν Ἀρχαίαν (Ἄλλας Ἀκροστεῖναι)

ΞΕΝΟΔΟΧΕΙΟΝ ΤΟΥΡΙΣΤ Κοντακτ

Διαμονὴ εὐάρεστος. Δωμάτια καθαρά. Φαγητὰ ἄριστα. Τιμαὶ μετριώταται.

ΓΡΑΦΟΜΗΧΑΝΑΙ

ἀγοράζονται εἰς καλὰς τιμάς. Ἀδ. Παπανικολάου, Σταδίου 21.
